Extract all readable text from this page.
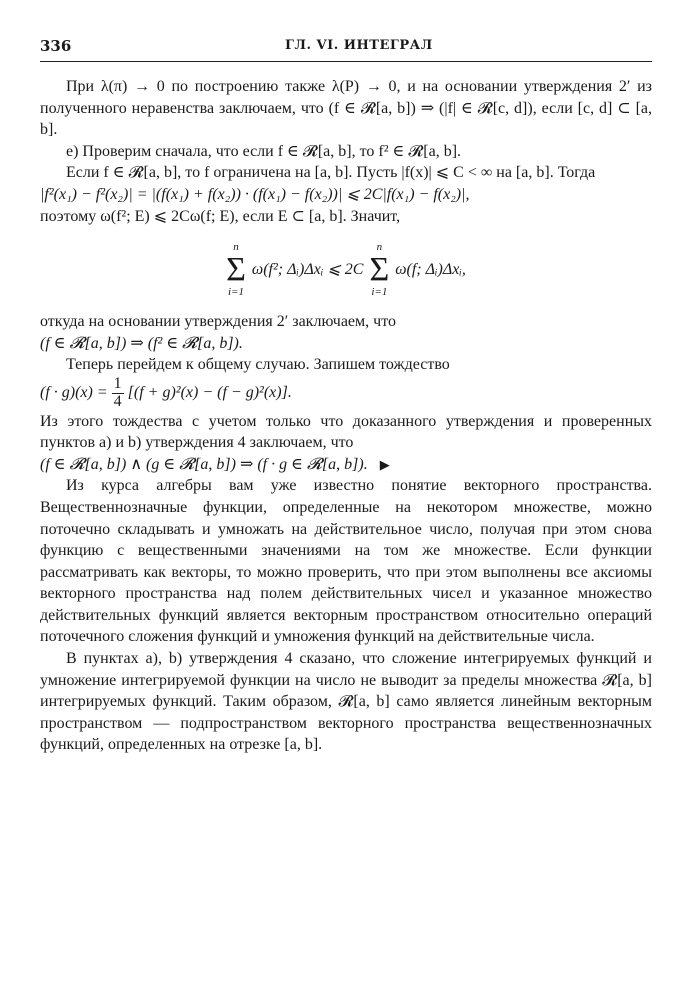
336	ГЛ. VI. ИНТЕГРАЛ

При λ(π) → 0 по построению также λ(P) → 0, и на основании утверждения 2′ из полученного неравенства заключаем, что (f ∈ 𝓡[a, b]) ⇒ (|f| ∈ 𝓡[c, d]), если [c, d] ⊂ [a, b].

e) Проверим сначала, что если f ∈ 𝓡[a, b], то f² ∈ 𝓡[a, b].

Если f ∈ 𝓡[a, b], то f ограничена на [a, b]. Пусть |f(x)| ⩽ C < ∞ на [a, b]. Тогда

|f²(x₁) − f²(x₂)| = |(f(x₁) + f(x₂)) · (f(x₁) − f(x₂))| ⩽ 2C|f(x₁) − f(x₂)|,

поэтому ω(f²; E) ⩽ 2Cω(f; E), если E ⊂ [a, b]. Значит,

n
Σ
i=1
ω(f²; Δᵢ)Δxᵢ ⩽ 2C
n
Σ
i=1
ω(f; Δᵢ)Δxᵢ,

откуда на основании утверждения 2′ заключаем, что

(f ∈ 𝓡[a, b]) ⇒ (f² ∈ 𝓡[a, b]).

Теперь перейдем к общему случаю. Запишем тождество

$(f \cdot g)(x) = \frac{1}{4} [(f + g)^2(x) - (f - g)^2(x)]$.

Из этого тождества с учетом только что доказанного утверждения и проверенных пунктов a) и b) утверждения 4 заключаем, что

(f ∈ 𝓡[a, b]) ∧ (g ∈ 𝓡[a, b]) ⇒ (f · g ∈ 𝓡[a, b]). ▶

Из курса алгебры вам уже известно понятие векторного пространства. Вещественнозначные функции, определенные на некотором множестве, можно поточечно складывать и умножать на действительное число, получая при этом снова функцию с вещественными значениями на том же множестве. Если функции рассматривать как векторы, то можно проверить, что при этом выполнены все аксиомы векторного пространства над полем действительных чисел и указанное множество действительных функций является векторным пространством относительно операций поточечного сложения функций и умножения функций на действительные числа.

В пунктах a), b) утверждения 4 сказано, что сложение интегрируемых функций и умножение интегрируемой функции на число не выводит за пределы множества 𝓡[a, b] интегрируемых функций. Таким образом, 𝓡[a, b] само является линейным векторным пространством — подпространством векторного пространства вещественнозначных функций, определенных на отрезке [a, b].
